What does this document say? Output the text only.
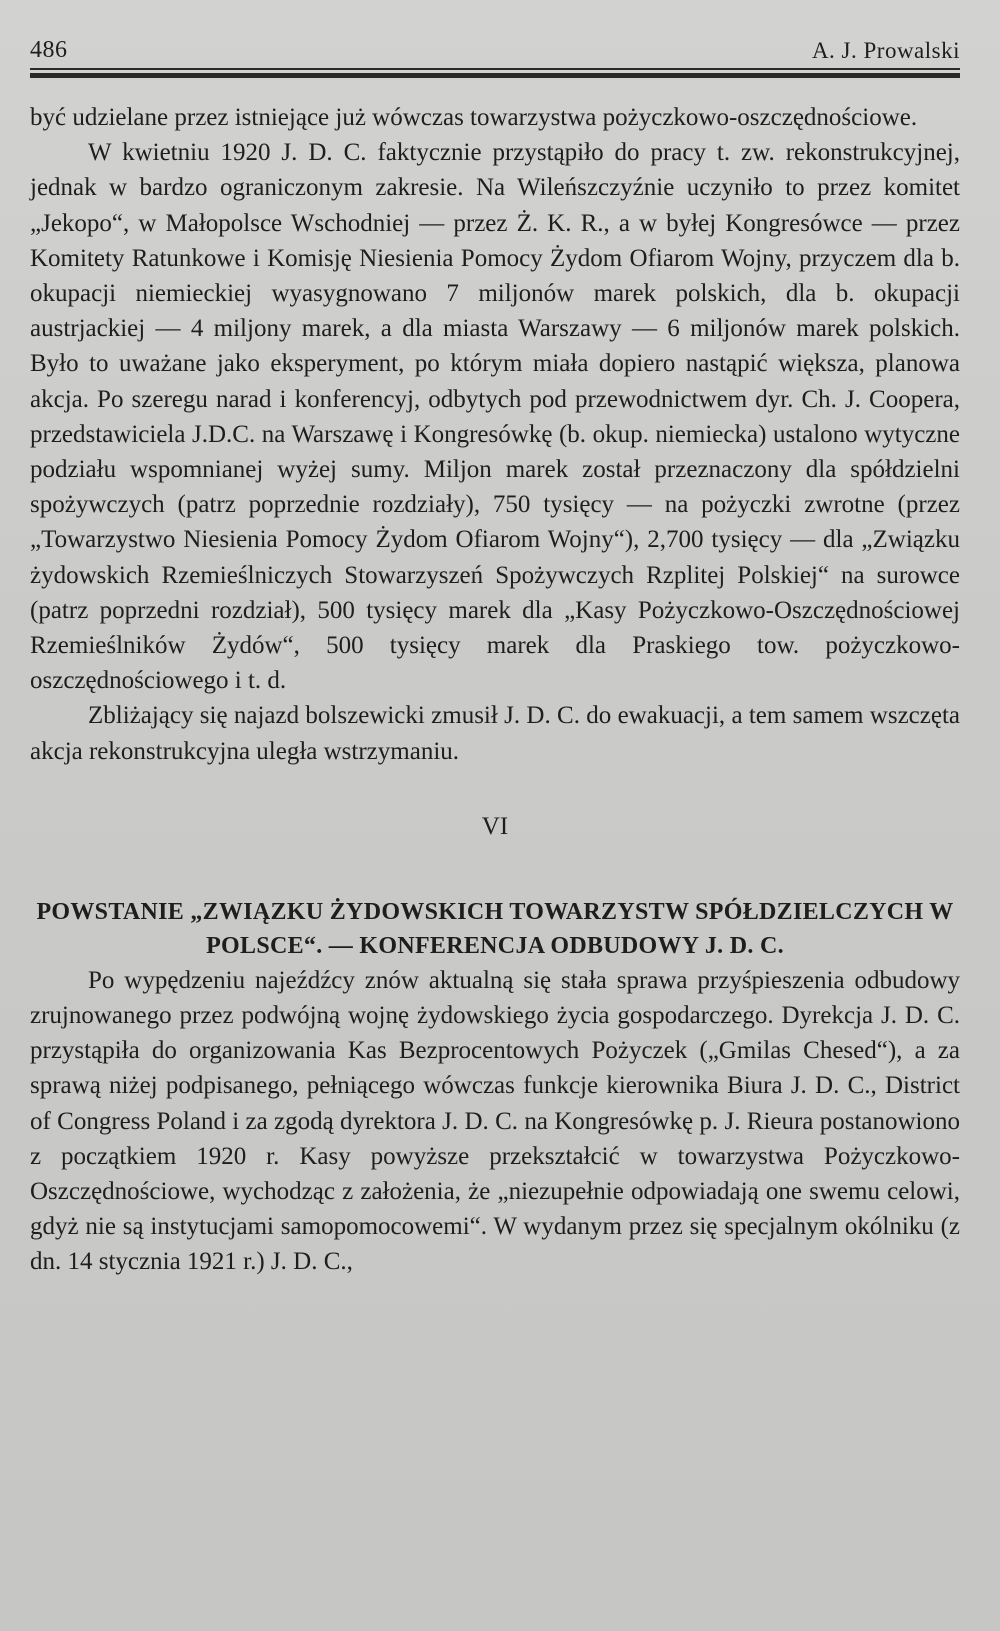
486	A. J. Prowalski

być udzielane przez istniejące już wówczas towarzystwa pożyczkowo-oszczędnościowe.

W kwietniu 1920 J. D. C. faktycznie przystąpiło do pracy t. zw. rekonstrukcyjnej, jednak w bardzo ograniczonym zakresie. Na Wileńszczyźnie uczyniło to przez komitet „Jekopo“, w Małopolsce Wschodniej — przez Ż. K. R., a w byłej Kongresówce — przez Komitety Ratunkowe i Komisję Niesienia Pomocy Żydom Ofiarom Wojny, przyczem dla b. okupacji niemieckiej wyasygnowano 7 miljonów marek polskich, dla b. okupacji austrjackiej — 4 miljony marek, a dla miasta Warszawy — 6 miljonów marek polskich. Było to uważane jako eksperyment, po którym miała dopiero nastąpić większa, planowa akcja. Po szeregu narad i konferencyj, odbytych pod przewodnictwem dyr. Ch. J. Coopera, przedstawiciela J.D.C. na Warszawę i Kongresówkę (b. okup. niemiecka) ustalono wytyczne podziału wspomnianej wyżej sumy. Miljon marek został przeznaczony dla spółdzielni spożywczych (patrz poprzednie rozdziały), 750 tysięcy — na pożyczki zwrotne (przez „Towarzystwo Niesienia Pomocy Żydom Ofiarom Wojny“), 2,700 tysięcy — dla „Związku żydowskich Rzemieślniczych Stowarzyszeń Spożywczych Rzplitej Polskiej“ na surowce (patrz poprzedni rozdział), 500 tysięcy marek dla „Kasy Pożyczkowo-Oszczędnościowej Rzemieślników Żydów“, 500 tysięcy marek dla Praskiego tow. pożyczkowo-oszczędnościowego i t. d.

Zbliżający się najazd bolszewicki zmusił J. D. C. do ewakuacji, a tem samem wszczęta akcja rekonstrukcyjna uległa wstrzymaniu.

VI
POWSTANIE „ZWIĄZKU ŻYDOWSKICH TOWARZYSTW SPÓŁDZIELCZYCH W POLSCE“. — KONFERENCJA ODBUDOWY J. D. C.

Po wypędzeniu najeźdźcy znów aktualną się stała sprawa przyśpieszenia odbudowy zrujnowanego przez podwójną wojnę żydowskiego życia gospodarczego. Dyrekcja J. D. C. przystąpiła do organizowania Kas Bezprocentowych Pożyczek („Gmilas Chesed“), a za sprawą niżej podpisanego, pełniącego wówczas funkcje kierownika Biura J. D. C., District of Congress Poland i za zgodą dyrektora J. D. C. na Kongresówkę p. J. Rieura postanowiono z początkiem 1920 r. Kasy powyższe przekształcić w towarzystwa Pożyczkowo- Oszczędnościowe, wychodząc z założenia, że „niezupełnie odpowiadają one swemu celowi, gdyż nie są instytucjami samopomocowemi“. W wydanym przez się specjalnym okólniku (z dn. 14 stycznia 1921 r.) J. D. C.,
